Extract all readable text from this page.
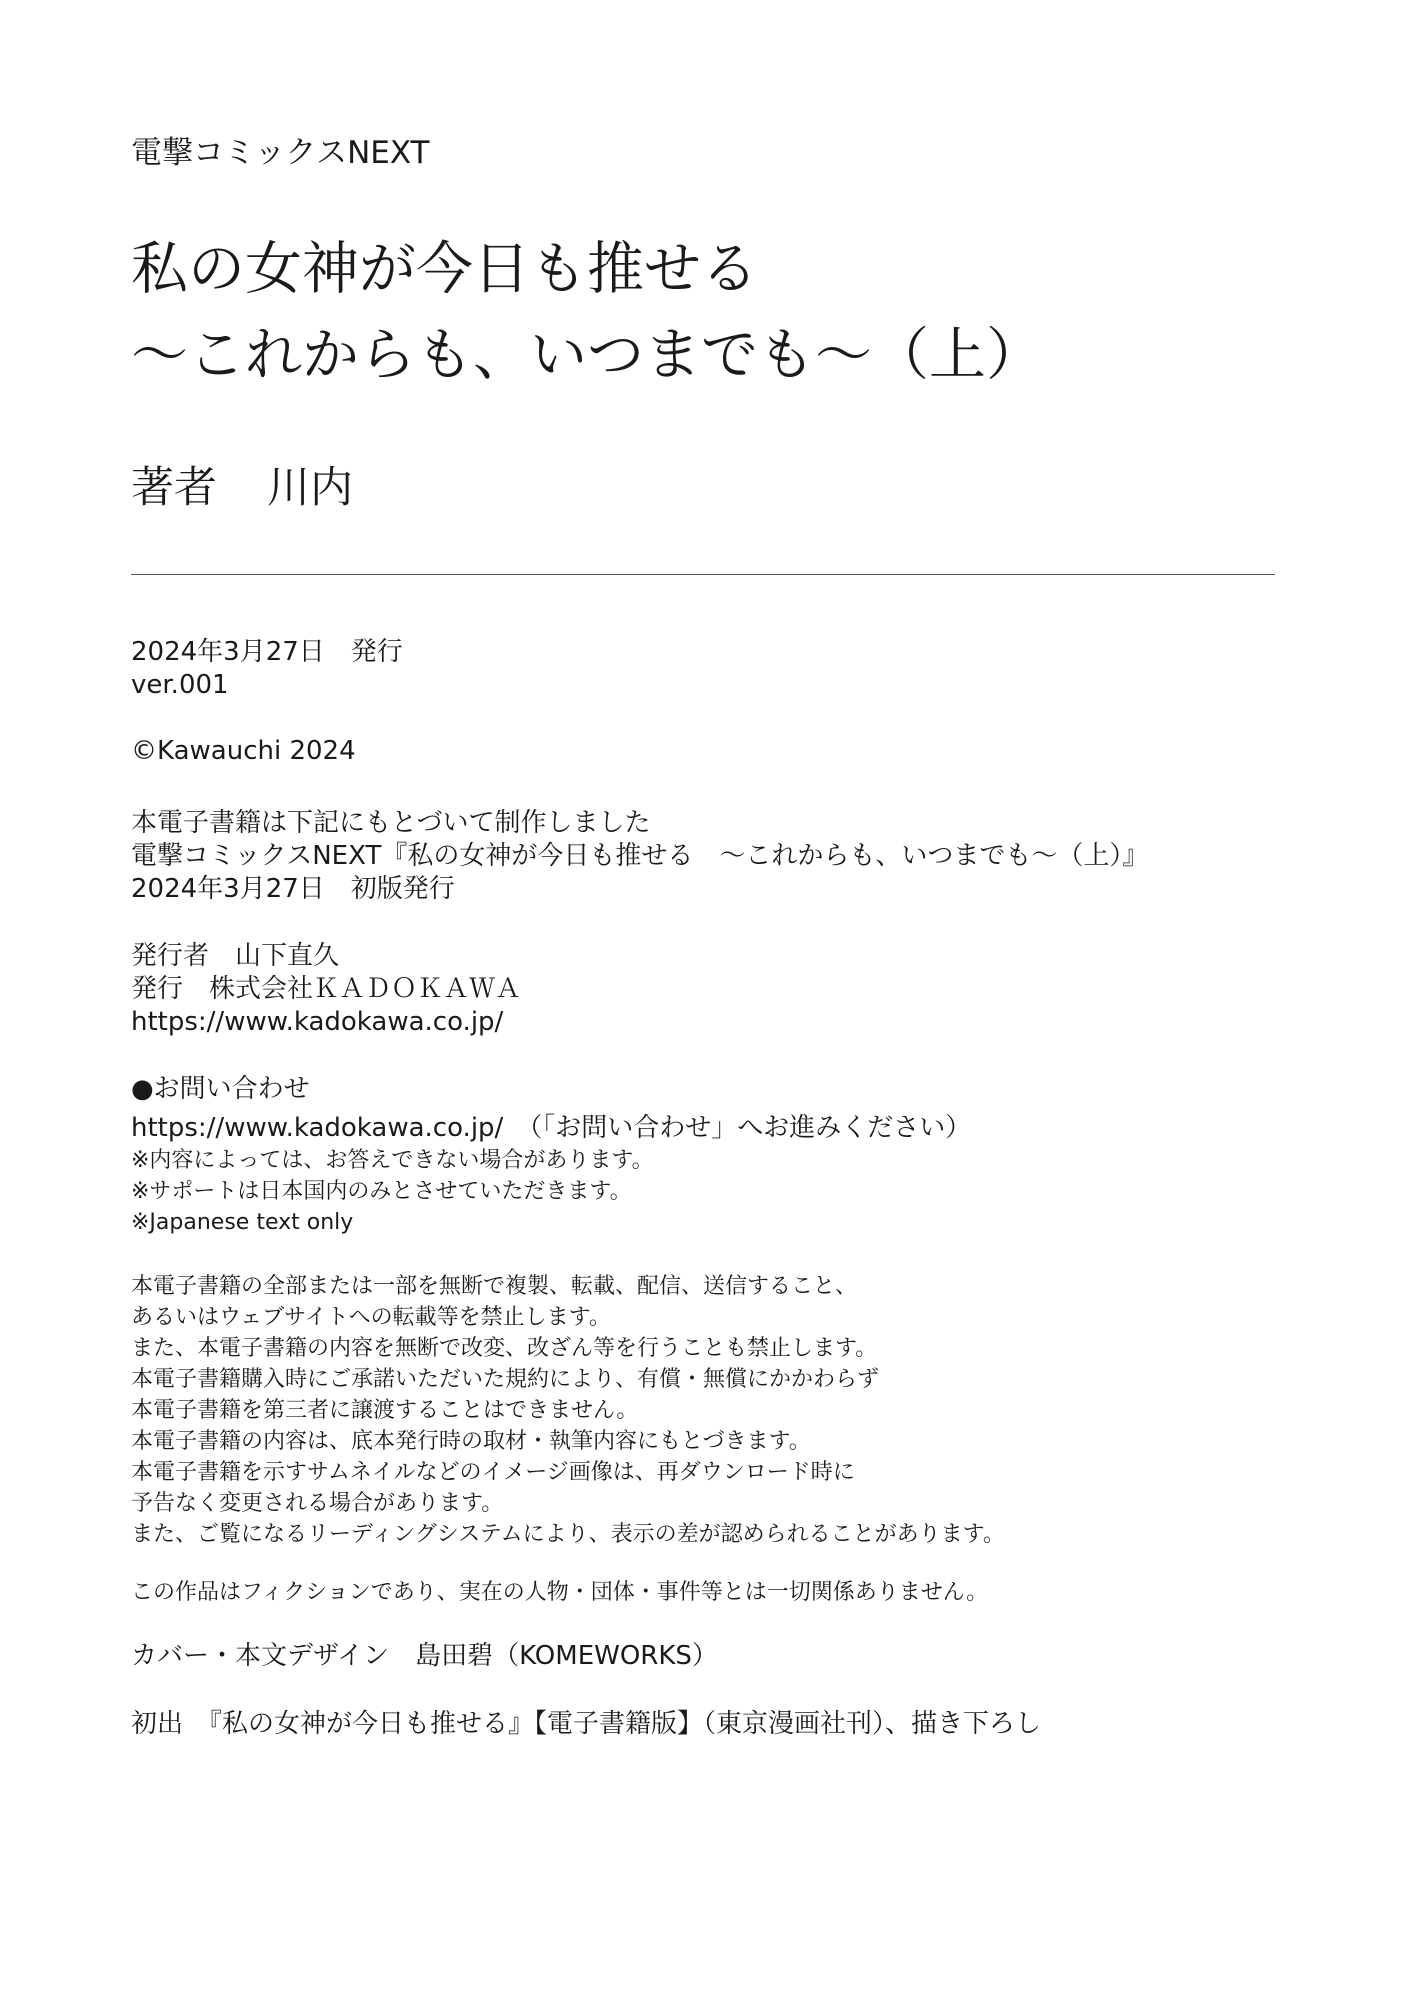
電撃コミックスNEXT
私の女神が今日も推せる
～これからも、いつまでも～（上）
著者 川内
2024年3月27日　発行
ver.001
©Kawauchi 2024
本電子書籍は下記にもとづいて制作しました
電撃コミックスNEXT『私の女神が今日も推せる　～これからも、いつまでも～（上）』
2024年3月27日　初版発行
発行者　山下直久
発行　株式会社ＫＡＤＯＫＡＷＡ
https://www.kadokawa.co.jp/
●お問い合わせ
https://www.kadokawa.co.jp/　（「お問い合わせ」へお進みください）
※内容によっては、お答えできない場合があります。
※サポートは日本国内のみとさせていただきます。
※Japanese text only
本電子書籍の全部または一部を無断で複製、転載、配信、送信すること、
あるいはウェブサイトへの転載等を禁止します。
また、本電子書籍の内容を無断で改変、改ざん等を行うことも禁止します。
本電子書籍購入時にご承諾いただいた規約により、有償・無償にかかわらず
本電子書籍を第三者に譲渡することはできません。
本電子書籍の内容は、底本発行時の取材・執筆内容にもとづきます。
本電子書籍を示すサムネイルなどのイメージ画像は、再ダウンロード時に
予告なく変更される場合があります。
また、ご覧になるリーディングシステムにより、表示の差が認められることがあります。
この作品はフィクションであり、実在の人物・団体・事件等とは一切関係ありません。
カバー・本文デザイン　島田碧（KOMEWORKS）
初出　『私の女神が今日も推せる』【電子書籍版】（東京漫画社刊）、描き下ろし
